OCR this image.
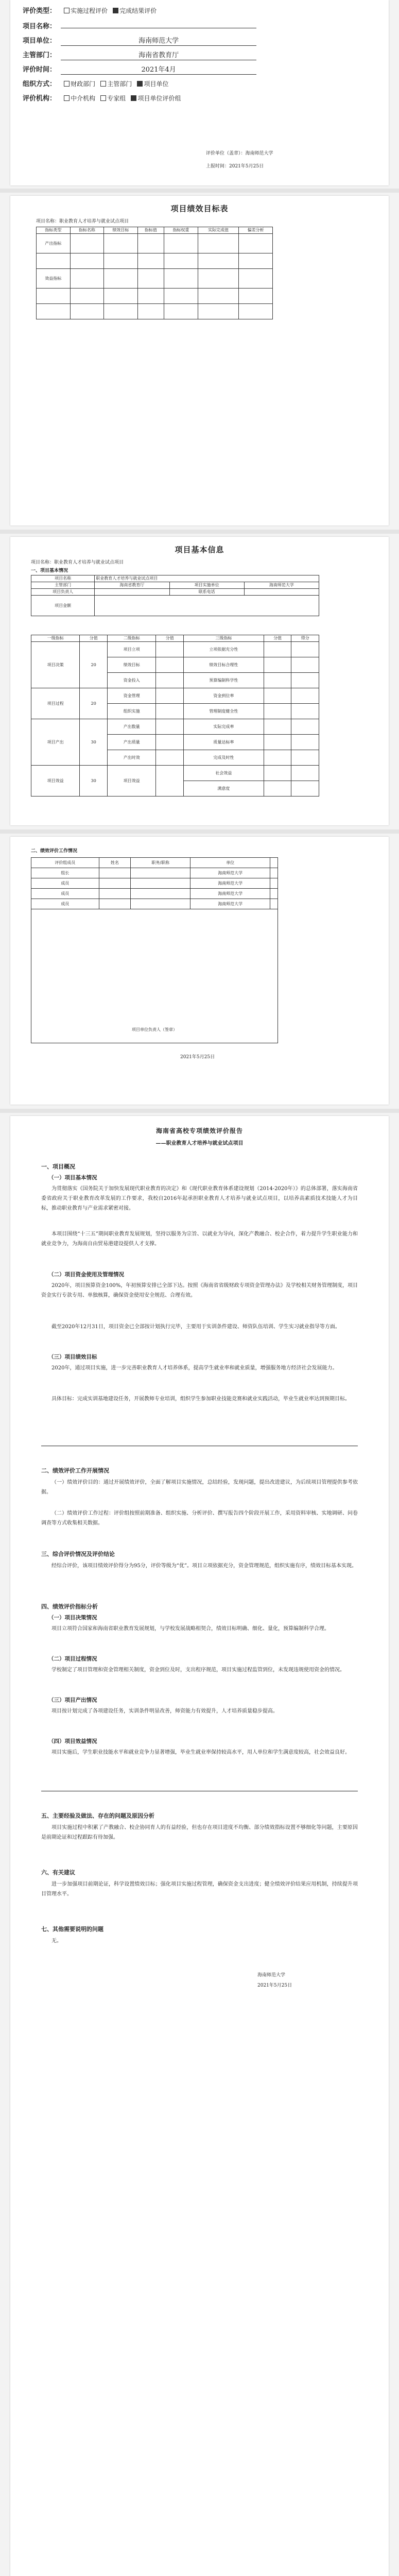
评价类型： 实施过程评价 完成结果评价
项目名称：
项目单位：	海南师范大学
主管部门：	海南省教育厅
评价时间：	2021年4月
组织方式： 财政部门 主管部门 项目单位
评价机构： 中介机构 专家组 项目单位评价组
评价单位（盖章）：海南师范大学
上报时间：2021年5月25日
项目绩效目标表
项目名称：职业教育人才培养与就业试点项目
指标类型	指标名称	绩效目标	指标值	指标权重	实际完成值	偏差分析
产出指标						

效益指标						

项目基本信息
项目名称：职业教育人才培养与就业试点项目
一、项目基本情况
项目名称	职业教育人才培养与就业试点项目		
主管部门	海南省教育厅	项目实施单位	海南师范大学
项目负责人		联系电话	
项目金额			
一级指标	分值	二级指标	分值	三级指标	分值	得分
项目决策	20	项目立项		立项依据充分性		
		绩效目标		绩效目标合理性		
		资金投入		预算编制科学性		
项目过程	20	资金管理		资金到位率		
		组织实施		管理制度健全性		
项目产出	30	产出数量		实际完成率		
		产出质量		质量达标率		
		产出时效		完成及时性		
项目效益	30	项目效益		社会效益		
				满意度		
二、绩效评价工作情况
评价组成员	姓名	职务/职称	单位	
组长			海南师范大学	
成员			海南师范大学	
成员			海南师范大学	
成员			海南师范大学	
项目单位负责人（签章）				
2021年5月25日
海南省高校专项绩效评价报告
——职业教育人才培养与就业试点项目
一、项目概况
（一）项目基本情况

为贯彻落实《国务院关于加快发展现代职业教育的决定》和《现代职业教育体系建设规划（2014-2020年）》的总体部署，落实海南省委省政府关于职业教育改革发展的工作要求，我校自2016年起承担职业教育人才培养与就业试点项目，以培养高素质技术技能人才为目标，推动职业教育与产业需求紧密对接。

本项目围绕“十三五”期间职业教育发展规划，坚持以服务为宗旨、以就业为导向，深化产教融合、校企合作，着力提升学生职业能力和就业竞争力，为海南自由贸易港建设提供人才支撑。

（二）项目资金使用及管理情况

2020年，项目预算资金100%，年初预算安排已全部下达。按照《海南省省级财政专项资金管理办法》及学校相关财务管理制度，项目资金实行专款专用、单独核算，确保资金使用安全规范、合理有效。

截至2020年12月31日，项目资金已全部按计划执行完毕，主要用于实训条件建设、师资队伍培训、学生实习就业指导等方面。

（三）项目绩效目标

2020年，通过项目实施，进一步完善职业教育人才培养体系，提高学生就业率和就业质量，增强服务地方经济社会发展能力。

具体目标：完成实训基地建设任务，开展教师专业培训，组织学生参加职业技能竞赛和就业实践活动，毕业生就业率达到预期目标。

二、绩效评价工作开展情况

（一）绩效评价目的：通过开展绩效评价，全面了解项目实施情况，总结经验，发现问题，提出改进建议，为后续项目管理提供参考依据。

（二）绩效评价工作过程：评价组按照前期准备、组织实施、分析评价、撰写报告四个阶段开展工作，采用资料审核、实地调研、问卷调查等方式收集相关数据。

三、综合评价情况及评价结论

经综合评价，该项目绩效评价得分为95分，评价等级为“优”。项目立项依据充分，资金管理规范，组织实施有序，绩效目标基本实现。

四、绩效评价指标分析
（一）项目决策情况

项目立项符合国家和海南省职业教育发展规划，与学校发展战略相契合，绩效目标明确、细化、量化，预算编制科学合理。

（二）项目过程情况

学校制定了项目管理和资金管理相关制度，资金到位及时，支出程序规范，项目实施过程监管到位，未发现违规使用资金的情况。

（三）项目产出情况

项目按计划完成了各项建设任务，实训条件明显改善，师资能力有效提升，人才培养质量稳步提高。

（四）项目效益情况

项目实施后，学生职业技能水平和就业竞争力显著增强，毕业生就业率保持较高水平，用人单位和学生满意度较高，社会效益良好。

五、主要经验及做法、存在的问题及原因分析

项目实施过程中积累了产教融合、校企协同育人的有益经验，但也存在项目进度不均衡、部分绩效指标设置不够细化等问题，主要原因是前期论证和过程跟踪有待加强。

六、有关建议

进一步加强项目前期论证，科学设置绩效目标；强化项目实施过程管理，确保资金支出进度；健全绩效评价结果应用机制，持续提升项目管理水平。

七、其他需要说明的问题

无。

海南师范大学
2021年5月25日
